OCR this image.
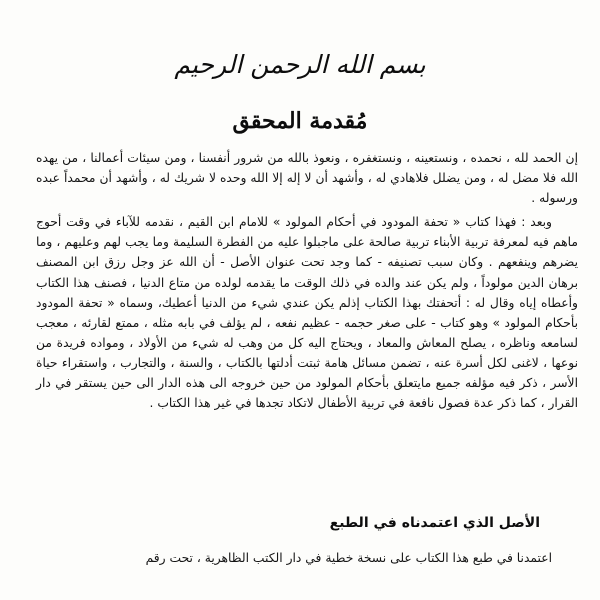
بسم الله الرحمن الرحيم
مُقدمة المحقق

إن الحمد لله ، نحمده ، ونستعينه ، ونستغفره ، ونعوذ بالله من شرور أنفسنا ، ومن سيئات أعمالنا ، من يهده الله فلا مضل له ، ومن يضلل فلاهادي له ، وأشهد أن لا إله إلا الله وحده لا شريك له ، وأشهد أن محمداً عبده ورسوله .

وبعد : فهذا كتاب « تحفة المودود في أحكام المولود » للامام ابن القيم ، نقدمه للآباء في وقت أحوج ماهم فيه لمعرفة تربية الأبناء تربية صالحة على ماجبلوا عليه من الفطرة السليمة وما يجب لهم وعليهم ، وما يضرهم وينفعهم . وكان سبب تصنيفه - كما وجد تحت عنوان الأصل - أن الله عز وجل رزق ابن المصنف برهان الدين مولوداً ، ولم يكن عند والده في ذلك الوقت ما يقدمه لولده من متاع الدنيا ، فصنف هذا الكتاب وأعطاه إياه وقال له : أتحفتك بهذا الكتاب إذلم يكن عندي شيء من الدنيا أعطيك، وسماه « تحفة المودود بأحكام المولود » وهو كتاب - على صغر حجمه - عظيم نفعه ، لم يؤلف في بابه مثله ، ممتع لقارئه ، معجب لسامعه وناظره ، يصلح المعاش والمعاد ، ويحتاج اليه كل من وهب له شيء من الأولاد ، ومواده فريدة من نوعها ، لاغنى لكل أسرة عنه ، تضمن مسائل هامة ثبتت أدلتها بالكتاب ، والسنة ، والتجارب ، واستقراء حياة الأسر ، ذكر فيه مؤلفه جميع مايتعلق بأحكام المولود من حين خروجه الى هذه الدار الى حين يستقر في دار القرار ، كما ذكر عدة فصول نافعة في تربية الأطفال لاتكاد تجدها في غير هذا الكتاب .

الأصل الذي اعتمدناه في الطبع
اعتمدنا في طبع هذا الكتاب على نسخة خطية في دار الكتب الظاهرية ، تحت رقم
